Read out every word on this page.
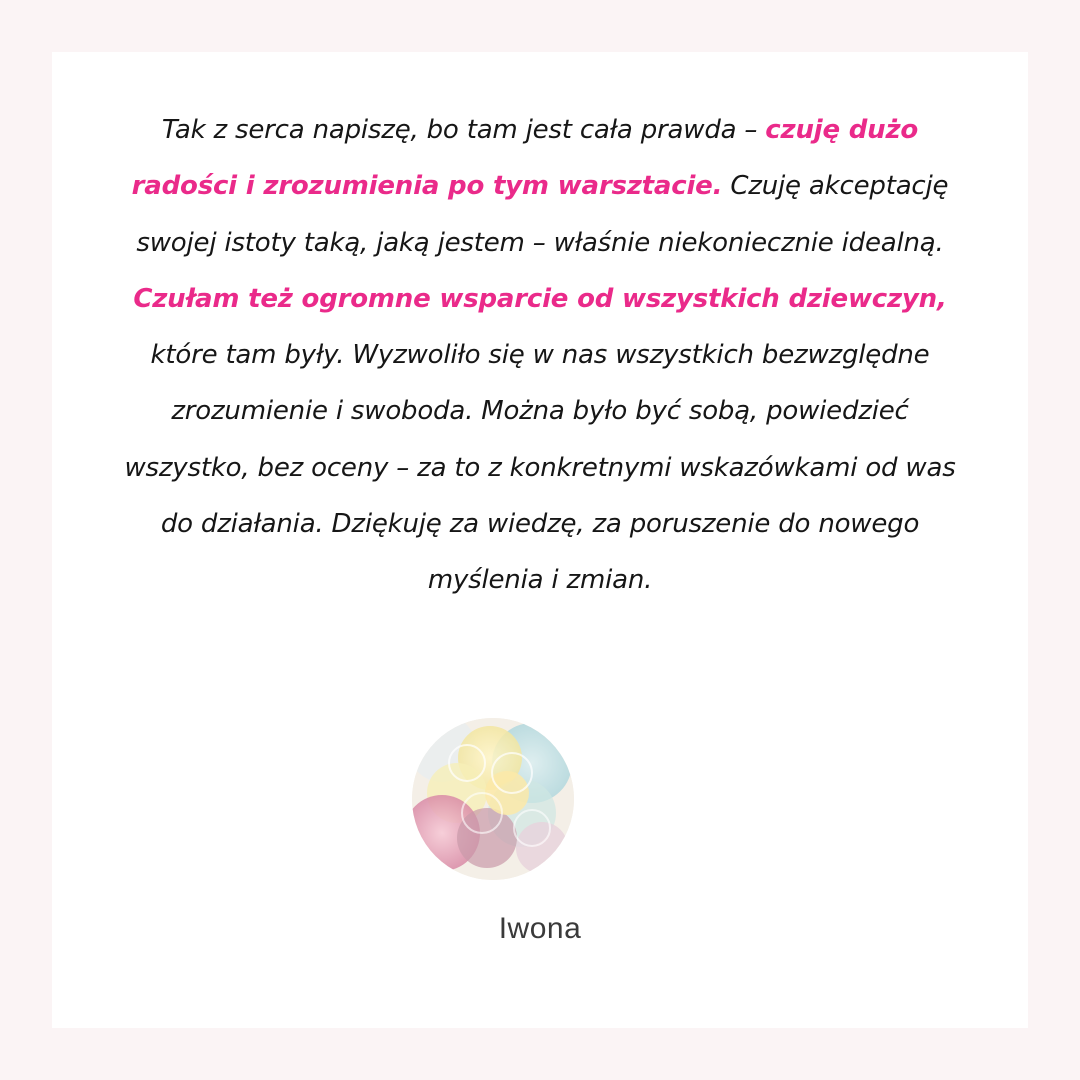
Tak z serca napiszę, bo tam jest cała prawda – czuję dużo radości i zrozumienia po tym warsztacie. Czuję akceptację swojej istoty taką, jaką jestem – właśnie niekoniecznie idealną. Czułam też ogromne wsparcie od wszystkich dziewczyn, które tam były. Wyzwoliło się w nas wszystkich bezwzględne zrozumienie i swoboda. Można było być sobą, powiedzieć wszystko, bez oceny – za to z konkretnymi wskazówkami od was do działania. Dziękuję za wiedzę, za poruszenie do nowego myślenia i zmian.

Iwona
